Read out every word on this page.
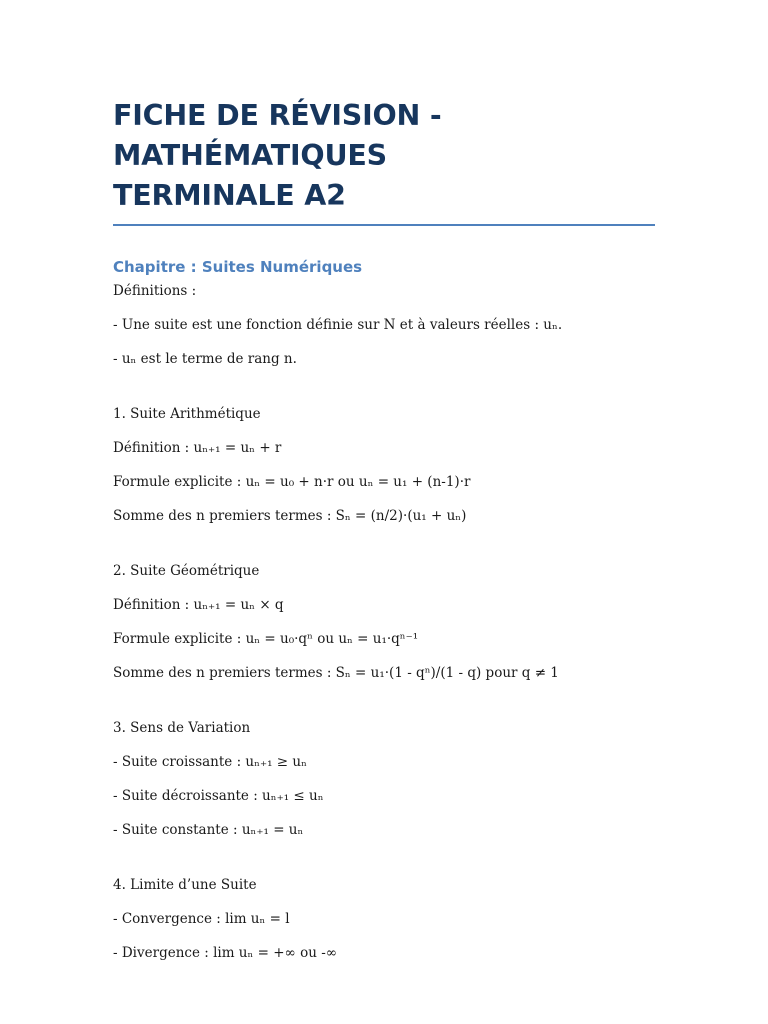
FICHE DE RÉVISION - MATHÉMATIQUES
TERMINALE A2
Chapitre : Suites Numériques
Définitions :
- Une suite est une fonction définie sur N et à valeurs réelles : uₙ.
- uₙ est le terme de rang n.
1. Suite Arithmétique
Définition : uₙ₊₁ = uₙ + r
Formule explicite : uₙ = u₀ + n·r ou uₙ = u₁ + (n-1)·r
Somme des n premiers termes : Sₙ = (n/2)·(u₁ + uₙ)
2. Suite Géométrique
Définition : uₙ₊₁ = uₙ × q
Formule explicite : uₙ = u₀·qⁿ ou uₙ = u₁·qⁿ⁻¹
Somme des n premiers termes : Sₙ = u₁·(1 - qⁿ)/(1 - q) pour q ≠ 1
3. Sens de Variation
- Suite croissante : uₙ₊₁ ≥ uₙ
- Suite décroissante : uₙ₊₁ ≤ uₙ
- Suite constante : uₙ₊₁ = uₙ
4. Limite d’une Suite
- Convergence : lim uₙ = l
- Divergence : lim uₙ = +∞ ou -∞
